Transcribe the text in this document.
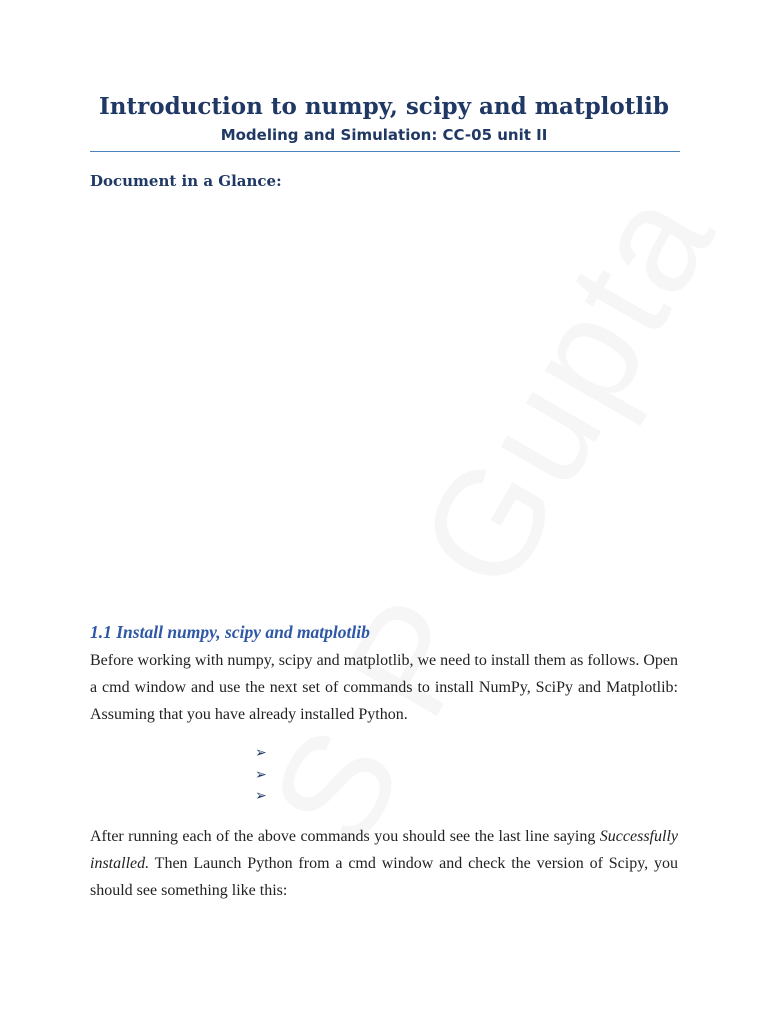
Introduction to numpy, scipy and matplotlib
Modeling and Simulation: CC-05 unit II
Document in a Glance:
1.1 Install numpy, scipy and matplotlib
Before working with numpy, scipy and matplotlib, we need to install them as follows. Open a cmd window and use the next set of commands to install NumPy, SciPy and Matplotlib: Assuming that you have already installed Python.
➢
➢
➢
After running each of the above commands you should see the last line saying Successfully installed. Then Launch Python from a cmd window and check the version of Scipy, you should see something like this:
